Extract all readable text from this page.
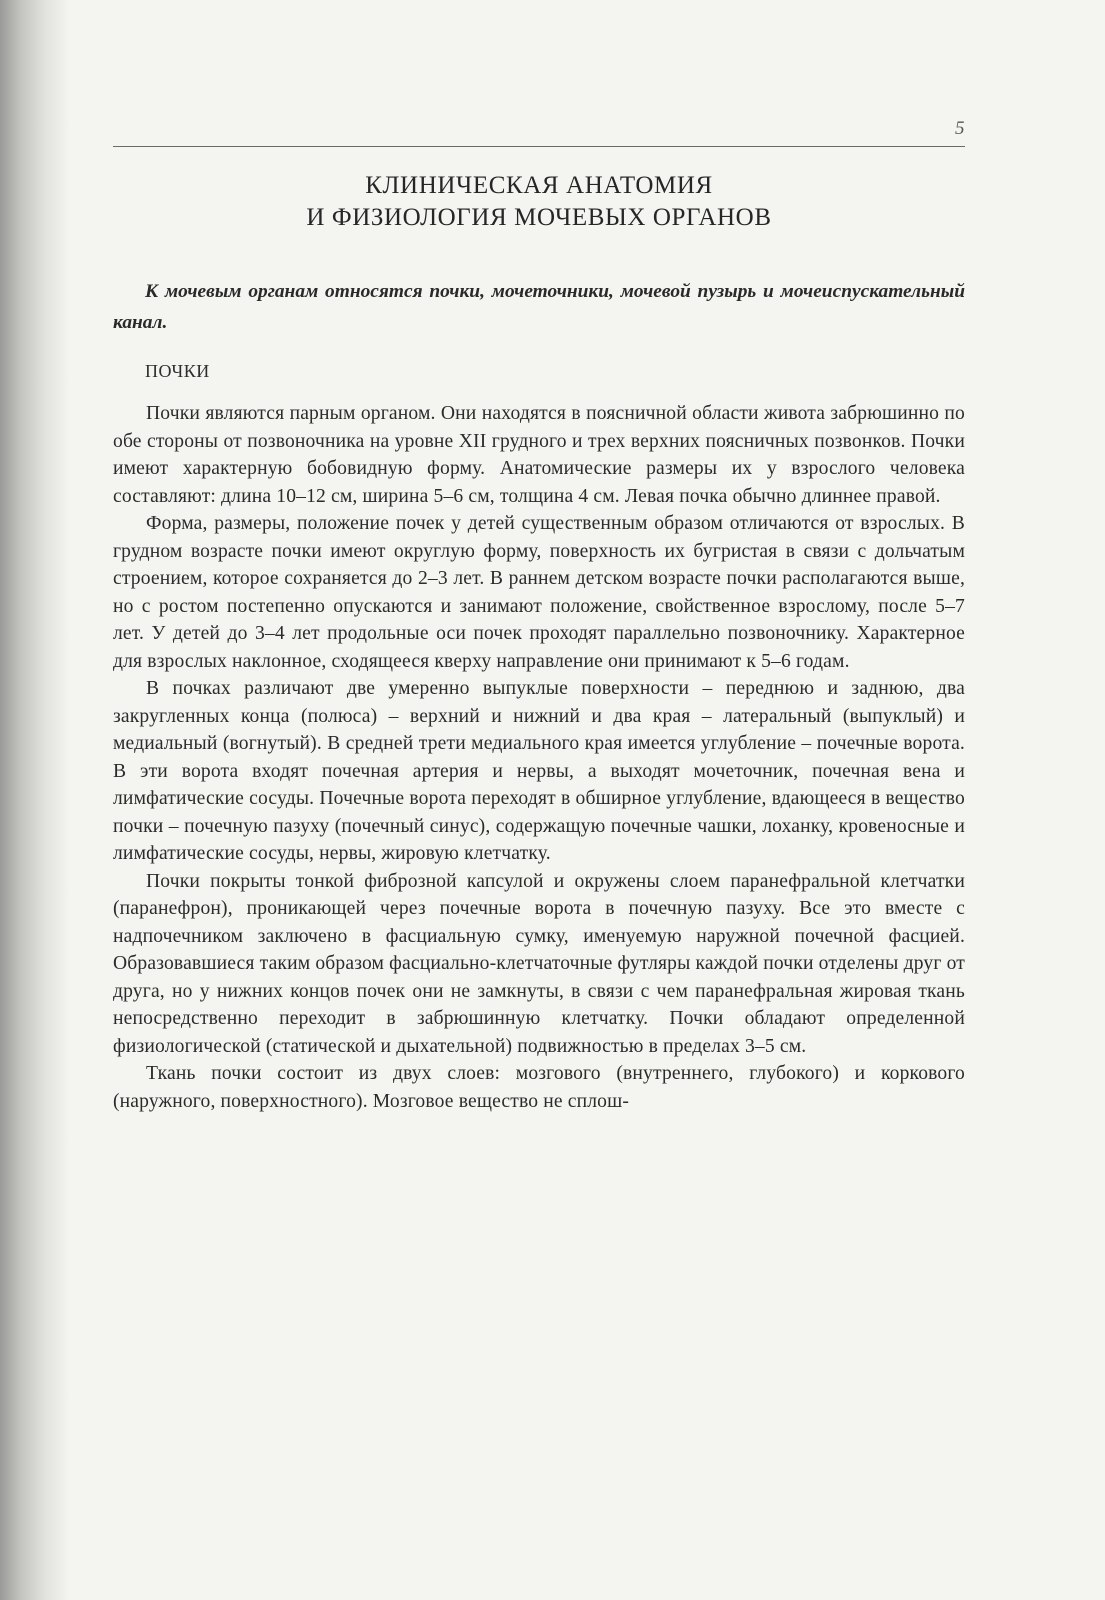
5
КЛИНИЧЕСКАЯ АНАТОМИЯ
И ФИЗИОЛОГИЯ МОЧЕВЫХ ОРГАНОВ

К мочевым органам относятся почки, мочеточники, мочевой пузырь и мочеиспускательный канал.

ПОЧКИ

Почки являются парным органом. Они находятся в поясничной области живота забрюшинно по обе стороны от позвоночника на уровне XII грудного и трех верхних поясничных позвонков. Почки имеют характерную бобовидную форму. Анатомические размеры их у взрослого человека составляют: длина 10–12 см, ширина 5–6 см, толщина 4 см. Левая почка обычно длиннее правой.

Форма, размеры, положение почек у детей существенным образом отличаются от взрослых. В грудном возрасте почки имеют округлую форму, поверхность их бугристая в связи с дольчатым строением, которое сохраняется до 2–3 лет. В раннем детском возрасте почки располагаются выше, но с ростом постепенно опускаются и занимают положение, свойственное взрослому, после 5–7 лет. У детей до 3–4 лет продольные оси почек проходят параллельно позвоночнику. Характерное для взрослых наклонное, сходящееся кверху направление они принимают к 5–6 годам.

В почках различают две умеренно выпуклые поверхности – переднюю и заднюю, два закругленных конца (полюса) – верхний и нижний и два края – латеральный (выпуклый) и медиальный (вогнутый). В средней трети медиального края имеется углубление – почечные ворота. В эти ворота входят почечная артерия и нервы, а выходят мочеточник, почечная вена и лимфатические сосуды. Почечные ворота переходят в обширное углубление, вдающееся в вещество почки – почечную пазуху (почечный синус), содержащую почечные чашки, лоханку, кровеносные и лимфатические сосуды, нервы, жировую клетчатку.

Почки покрыты тонкой фиброзной капсулой и окружены слоем паранефральной клетчатки (паранефрон), проникающей через почечные ворота в почечную пазуху. Все это вместе с надпочечником заключено в фасциальную сумку, именуемую наружной почечной фасцией. Образовавшиеся таким образом фасциально-клетчаточные футляры каждой почки отделены друг от друга, но у нижних концов почек они не замкнуты, в связи с чем паранефральная жировая ткань непосредственно переходит в забрюшинную клетчатку. Почки обладают определенной физиологической (статической и дыхательной) подвижностью в пределах 3–5 см.

Ткань почки состоит из двух слоев: мозгового (внутреннего, глубокого) и коркового (наружного, поверхностного). Мозговое вещество не сплош-
